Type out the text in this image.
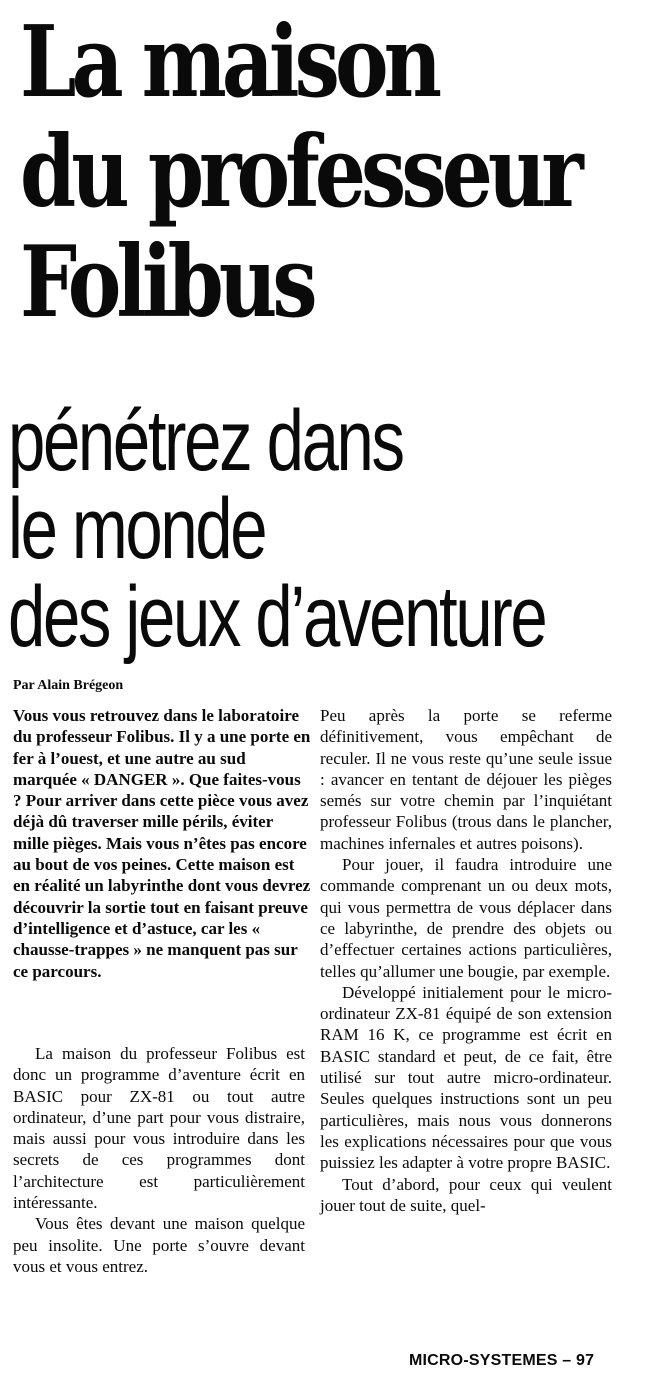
La maison
du professeur
Folibus
pénétrez dans
le monde
des jeux d’aventure
Par Alain Brégeon

Vous vous retrouvez dans le laboratoire du professeur Folibus. Il y a une porte en fer à l’ouest, et une autre au sud marquée « DANGER ». Que faites-vous ? Pour arriver dans cette pièce vous avez déjà dû traverser mille périls, éviter mille pièges. Mais vous n’êtes pas encore au bout de vos peines. Cette maison est en réalité un labyrinthe dont vous devrez découvrir la sortie tout en faisant preuve d’intelligence et d’astuce, car les « chausse-trappes » ne manquent pas sur ce parcours.

La maison du professeur Folibus est donc un programme d’aventure écrit en BASIC pour ZX-81 ou tout autre ordinateur, d’une part pour vous distraire, mais aussi pour vous introduire dans les secrets de ces programmes dont l’architecture est particulièrement intéressante.

Vous êtes devant une maison quelque peu insolite. Une porte s’ouvre devant vous et vous entrez.

Peu après la porte se referme définitivement, vous empêchant de reculer. Il ne vous reste qu’une seule issue : avancer en tentant de déjouer les pièges semés sur votre chemin par l’inquiétant professeur Folibus (trous dans le plancher, machines infernales et autres poisons).

Pour jouer, il faudra introduire une commande comprenant un ou deux mots, qui vous permettra de vous déplacer dans ce labyrinthe, de prendre des objets ou d’effectuer certaines actions particulières, telles qu’allumer une bougie, par exemple.

Développé initialement pour le micro-ordinateur ZX-81 équipé de son extension RAM 16 K, ce programme est écrit en BASIC standard et peut, de ce fait, être utilisé sur tout autre micro-ordinateur. Seules quelques instructions sont un peu particulières, mais nous vous donnerons les explications nécessaires pour que vous puissiez les adapter à votre propre BASIC.

Tout d’abord, pour ceux qui veulent jouer tout de suite, quel-

MICRO-SYSTEMES – 97
